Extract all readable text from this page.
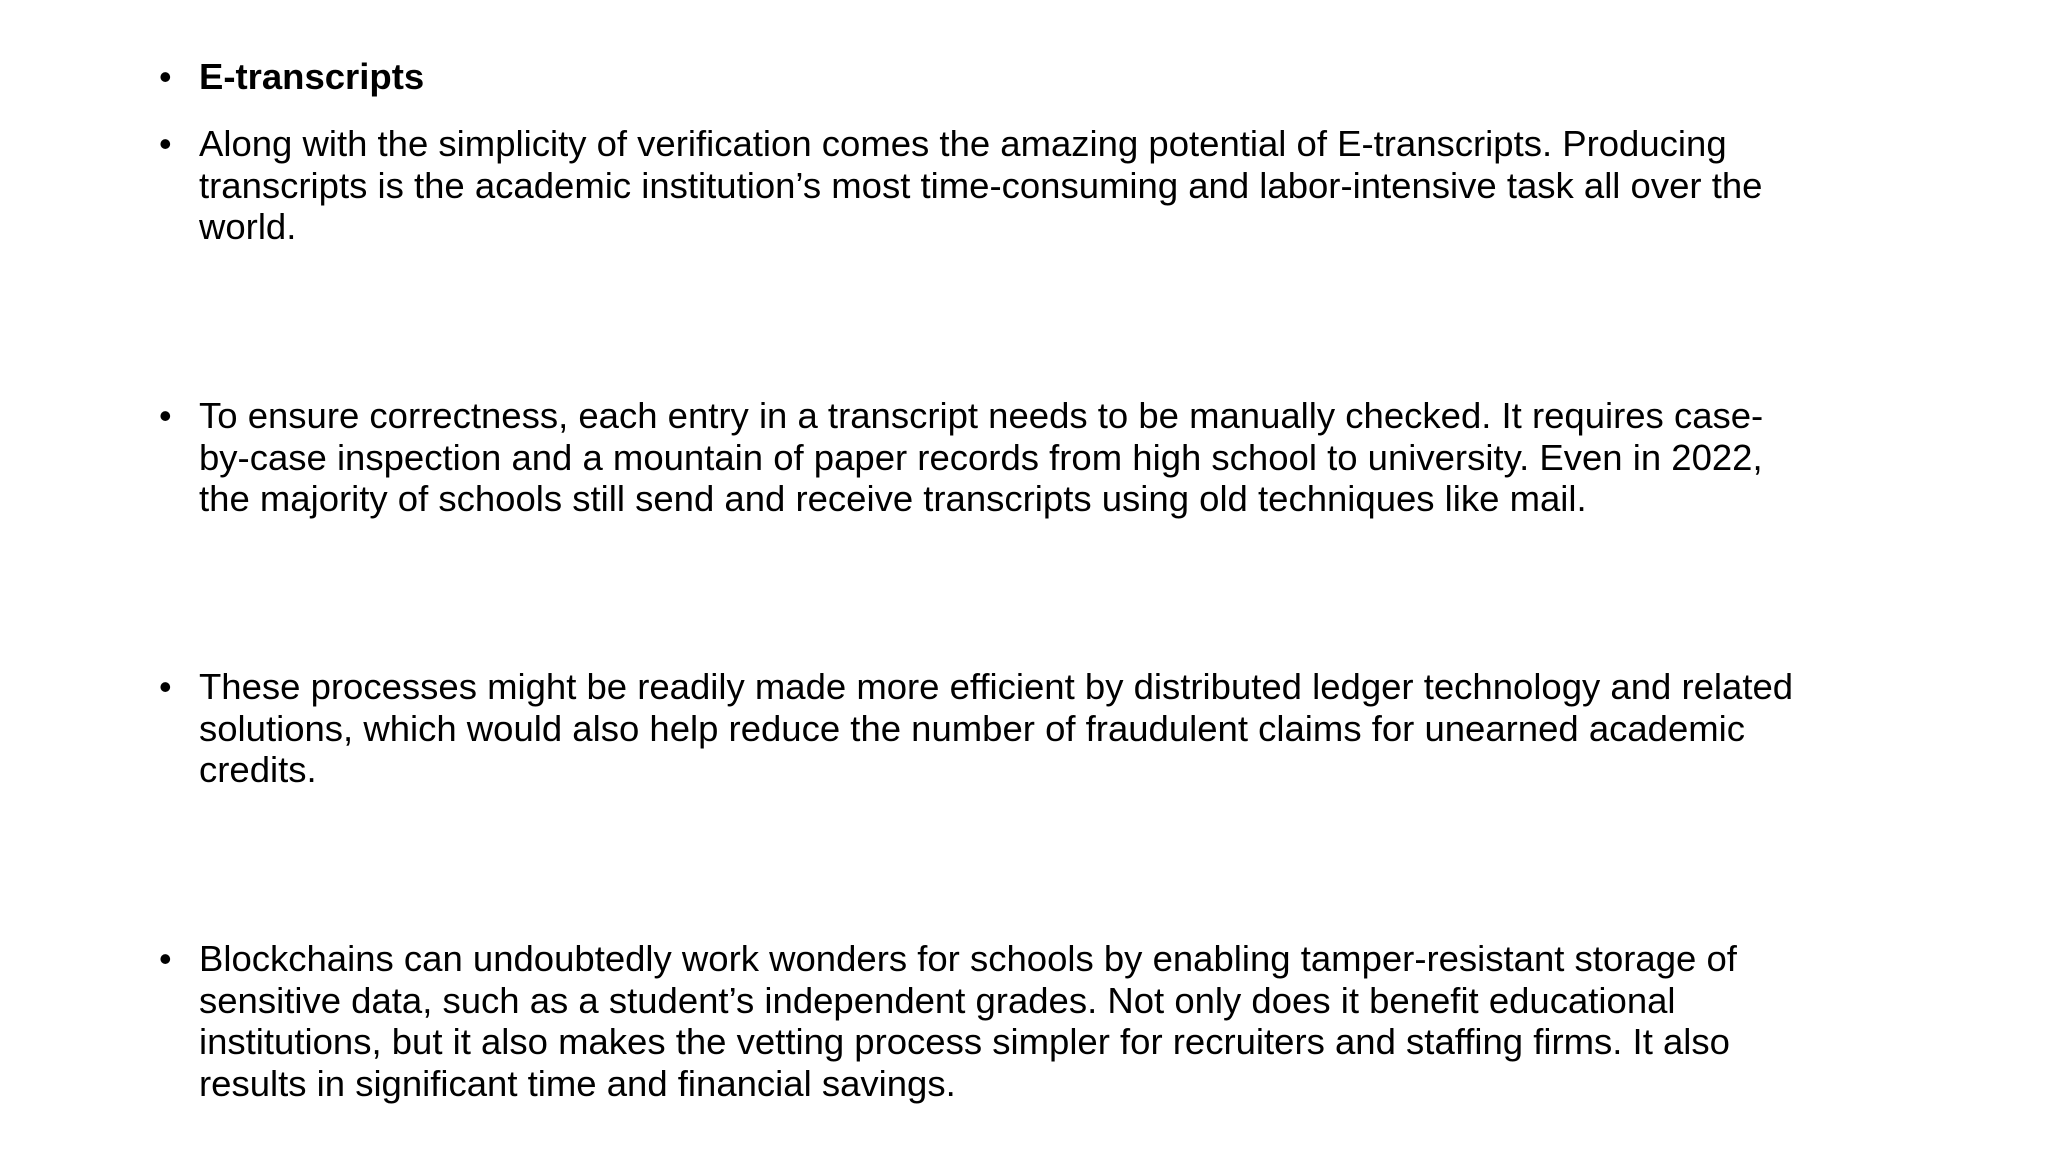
• E-transcripts
• Along with the simplicity of verification comes the amazing potential of E-transcripts. Producing
transcripts is the academic institution’s most time-consuming and labor-intensive task all over the
world.
• To ensure correctness, each entry in a transcript needs to be manually checked. It requires case-
by-case inspection and a mountain of paper records from high school to university. Even in 2022,
the majority of schools still send and receive transcripts using old techniques like mail.
• These processes might be readily made more efficient by distributed ledger technology and related
solutions, which would also help reduce the number of fraudulent claims for unearned academic
credits.
• Blockchains can undoubtedly work wonders for schools by enabling tamper-resistant storage of
sensitive data, such as a student’s independent grades. Not only does it benefit educational
institutions, but it also makes the vetting process simpler for recruiters and staffing firms. It also
results in significant time and financial savings.
